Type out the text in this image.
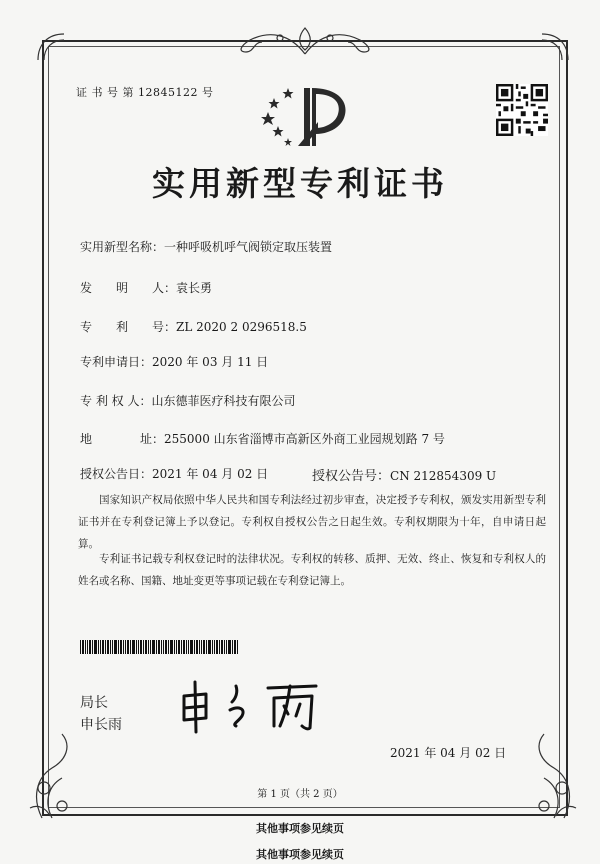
证 书 号 第 12845122 号
实用新型专利证书
实用新型名称：一种呼吸机呼气阀锁定取压装置
发　　明　　人：袁长勇
专　　利　　号：ZL 2020 2 0296518.5
专利申请日：2020 年 03 月 11 日
专 利 权 人：山东德菲医疗科技有限公司
地　　　　址：255000 山东省淄博市高新区外商工业园规划路 7 号
授权公告日：2021 年 04 月 02 日	授权公告号：CN 212854309 U
国家知识产权局依照中华人民共和国专利法经过初步审查，决定授予专利权，颁发实用新型专利证书并在专利登记簿上予以登记。专利权自授权公告之日起生效。专利权期限为十年，自申请日起算。
专利证书记载专利权登记时的法律状况。专利权的转移、质押、无效、终止、恢复和专利权人的姓名或名称、国籍、地址变更等事项记载在专利登记簿上。
局长
申长雨
2021 年 04 月 02 日
第 1 页（共 2 页）
其他事项参见续页
其他事项参见续页
